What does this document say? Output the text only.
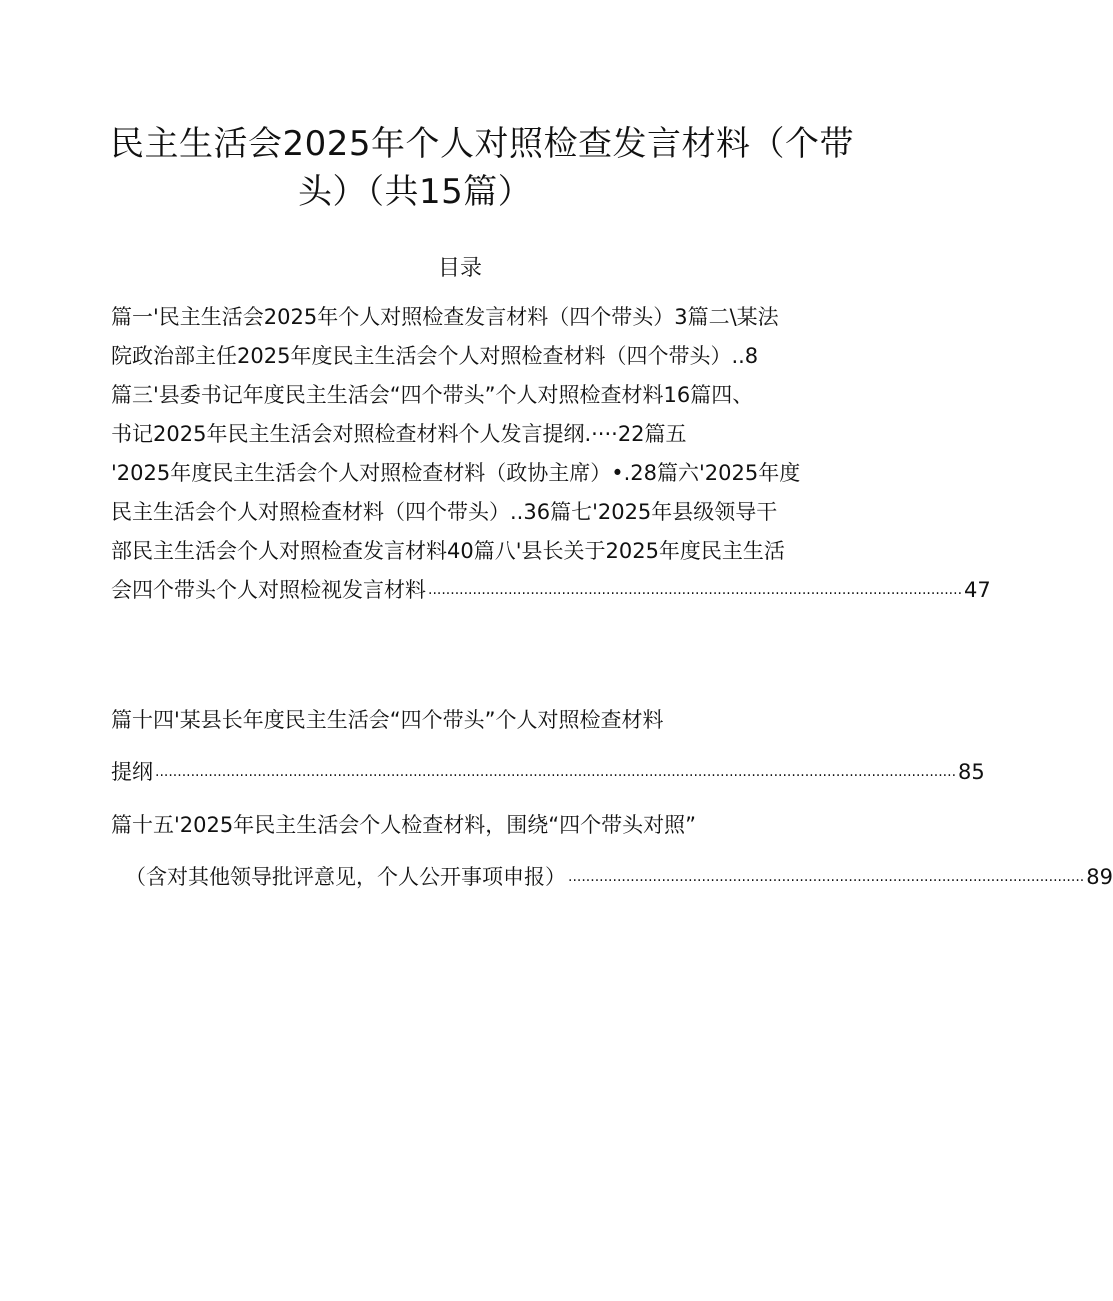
民主生活会2025年个人对照检查发言材料（个带
头）（共15篇）
目录
篇一'民主生活会2025年个人对照检查发言材料（四个带头）3篇二\某法
院政治部主任2025年度民主生活会个人对照检查材料（四个带头）..8
篇三'县委书记年度民主生活会“四个带头”个人对照检查材料16篇四、
书记2025年民主生活会对照检查材料个人发言提纲.····22篇五
'2025年度民主生活会个人对照检查材料（政协主席）•.28篇六'2025年度
民主生活会个人对照检查材料（四个带头）..36篇七'2025年县级领导干
部民主生活会个人对照检查发言材料40篇八'县长关于2025年度民主生活
会四个带头个人对照检视发言材料 ........................................................................................................................ 47
篇十四'某县长年度民主生活会“四个带头”个人对照检查材料
提纲 .................................................................................................................................................................................... 85
篇十五'2025年民主生活会个人检查材料，围绕“四个带头对照”
（含对其他领导批评意见，个人公开事项申报） .................................................................................................................... 89
